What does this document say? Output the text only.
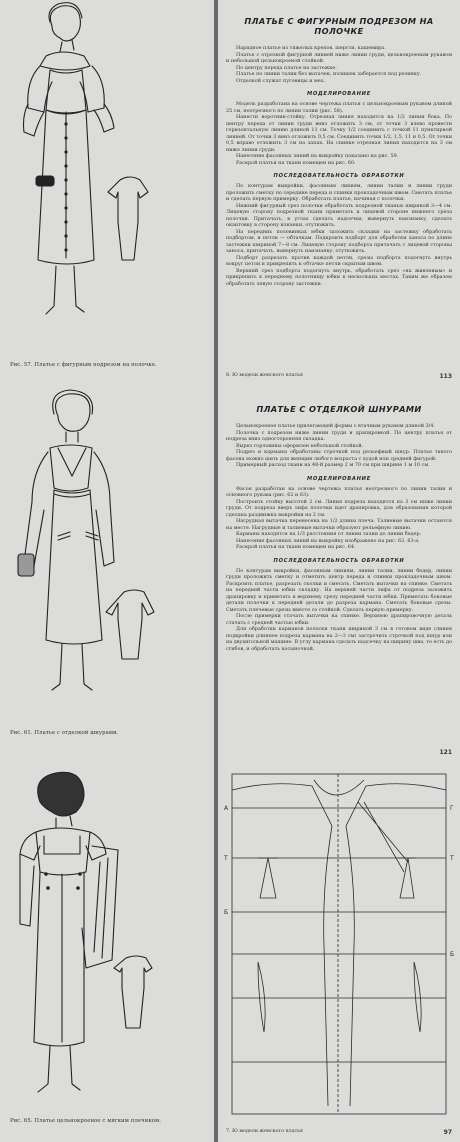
Рис. 57. Платье с фигурным подрезом на полочке.
ПЛАТЬЕ С ФИГУРНЫМ ПОДРЕЗОМ НА ПОЛОЧКЕ

Нарядное платье из тяжелых крепов, шерсти, кашемира.

Платье с отрезной фигурной линией ниже линии груди, цельнокроеным рукавом и небольшой цельнокроеной стойкой.

По центру переда платье на застежке.

Платье по линии талии без вытачек, излишек заберается под резинку.

Отделкой служат пуговицы и мех.

МОДЕЛИРОВАНИЕ

Модель разработана на основе чертежа платья с цельнокроеным рукавом длиной 25 см, неотрезного по линии талии (рис. 58).

Нанести воротник-стойку. Отрезная линия находится на 1/2 линии бока. По центру переда от линии груди вниз отложить 3 см, от точки 3 влево провести горизонтальную линию длиной 11 см. Точку 1/2 соединить с точкой 11 пунктирной линией. От точки 3 вниз отложить 0,5 см. Соединить точки 1/2, 1,5, 11 и 0,5. От точки 0,5 вправо отложить 3 см на запах. На спинке отрезная линия находится на 3 см ниже линии груди.

Нанесение фасонных линий на выкройку показано на рис. 59.

Раскрой платья на ткани помещен на рис. 60.

ПОСЛЕДОВАТЕЛЬНОСТЬ ОБРАБОТКИ

По контурам выкройки, фасонным линиям, линии талии и линии груди проложить сметку по середине переда и спинки прокладочным швом. Сметать платье и сделать первую примерку. Обработать платье, начиная с полочки.

Нижний фигурный срез полочки обработать подрезной тканью шириной 3—4 см. Лицевую сторону подрезной ткани приметать к лицевой стороне нижнего среза полочки. Притачать, в углах сделать надсечки, вывернуть наизнанку, сделать окантовку в сторону изнанки, отутюжить.

На передних половинках юбки заложить складки на застежку обработать подбортом, и петли — обтачкам. Подкроить подборт для обработки заноса по длине застежки шириной 7—8 см. Лицевую сторону подборта притачать с лицевой стороны заноса, притачать, вывернуть наизнанку, отутюжить.

Подборт разрезать против каждой петли, срезы подборта подогнуть внутрь вокруг петли и прикрепить к обтачке петли скрытым швом.

Верхний срез подборта подогнуть внутрь, обработать срез «на живленым» и прикрепить к переднему полотнищу юбки к нескольких местах. Таким же образом обработать левую сторону застежки.

8. Ю модели женского платья	113
Рис. 61. Платье с отделкой шнурами.
ПЛАТЬЕ С ОТДЕЛКОЙ ШНУРАМИ

Цельнокроеное платье прилегающей формы с втачным рукавом длиной 3/4.

Полочка с подрезом ниже линии груди и драпировкой. По центру платья от подреза вниз односторонняя складка.

Вырез горловины оформлен небольшой стойкой.

Подрез и карманы обработаны строчкой под рельефный шнур. Платье такого фасона можно шить для женщин любого возраста с худой или средней фигурой.

Примерный расход ткани на 48-й размер 2 м 70 см при ширине 1 м 10 см.

МОДЕЛИРОВАНИЕ

Фасон разработан на основе чертежа платья неотрезного по линии талии и основного рукава (рис. 62 и 63).

Построить стойку высотой 2 см. Линия подреза находится на 3 см ниже линии груди. От подреза вверх лифа полочки идет драпировка, для образования которой сделана раздвижка выкройки на 2 см.

Нагрудная вытачка перенесена на 1/2 длины плеча. Талиевые вытачки остаются на месте. Нагрудные и талиевые вытачки образуют рельефную линию.

Карманы находятся на 1/3 расстояния от линии талии до линии бедер.

Нанесение фасонных линий на выкройку изображено на рис. 63, 63-а.

Раскрой платья на ткани помещен на рис. 64.

ПОСЛЕДОВАТЕЛЬНОСТЬ ОБРАБОТКИ

По контурам выкройки, фасонным линиям, линии талии, линии бедер, линии груди проложить сметку и отметить центр переда и спинки прокладочным швом. Раскроить платье, разрезать сколки и сметать. Сметать вытачки на спинке. Сметать на передней части юбки складку. На верхней части лифа от подреза заложить драпировку и приметать в верхнему срезу передней части юбки. Приметать боковые детали полочки к передней детали до разреза кармана. Сметать боковые срезы. Сметать плечевые срезы вместе со стойкой. Сделать первую примерку.

После примерки стачать вытачки на спинке. Верхнюю драпировочную деталь стачать с средней частью юбки.

Для обработки карманов полоски ткани шириной 3 см в готовом виде (линия подкройки длиннее подреза кармана на 2—3 см) застрочить строчкой под шнур или на двухигольной машине. В углу кармана сделать надсечку на ширину шва, то есть до сгибов, и обработать косыночкой.

121
Рис. 65. Платье цельнокроеное с мягким плечиком.
A
T
Б
Г
Т
Б
7. Ю модели женского платья	97
